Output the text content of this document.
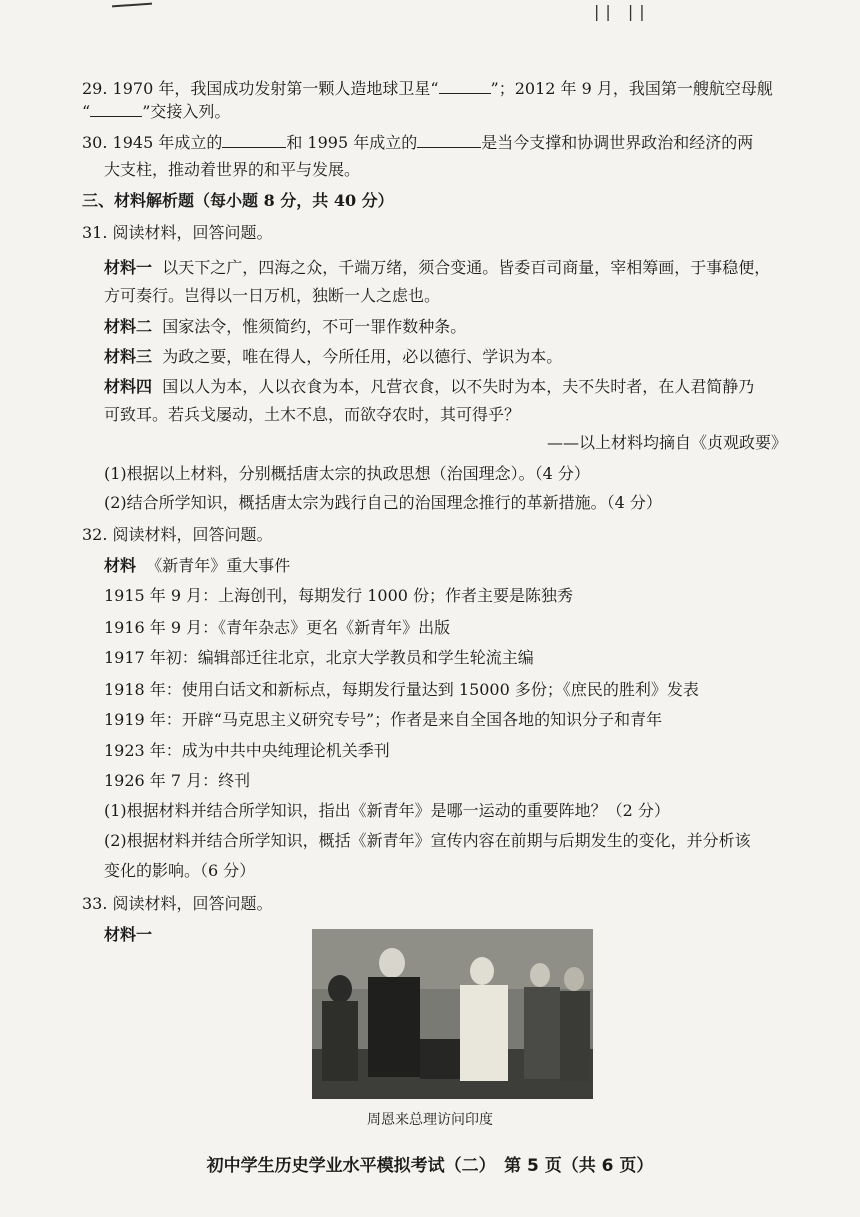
|| ||
29. 1970 年，我国成功发射第一颗人造地球卫星“	”；2012 年 9 月，我国第一艘航空母舰
“	”交接入列。
30. 1945 年成立的	和 1995 年成立的	是当今支撑和协调世界政治和经济的两
大支柱，推动着世界的和平与发展。
三、材料解析题（每小题 8 分，共 40 分）
31. 阅读材料，回答问题。
材料一 以天下之广，四海之众，千端万绪，须合变通。皆委百司商量，宰相筹画，于事稳便，
方可奏行。岂得以一日万机，独断一人之虑也。
材料二 国家法令，惟须简约，不可一罪作数种条。
材料三 为政之要，唯在得人，今所任用，必以德行、学识为本。
材料四 国以人为本，人以衣食为本，凡营衣食，以不失时为本，夫不失时者，在人君简静乃
可致耳。若兵戈屡动，土木不息，而欲夺农时，其可得乎？
——以上材料均摘自《贞观政要》
(1)根据以上材料，分别概括唐太宗的执政思想（治国理念）。（4 分）
(2)结合所学知识，概括唐太宗为践行自己的治国理念推行的革新措施。（4 分）
32. 阅读材料，回答问题。
材料 《新青年》重大事件
1915 年 9 月：上海创刊，每期发行 1000 份；作者主要是陈独秀
1916 年 9 月：《青年杂志》更名《新青年》出版
1917 年初：编辑部迁往北京，北京大学教员和学生轮流主编
1918 年：使用白话文和新标点，每期发行量达到 15000 多份；《庶民的胜利》发表
1919 年：开辟“马克思主义研究专号”；作者是来自全国各地的知识分子和青年
1923 年：成为中共中央纯理论机关季刊
1926 年 7 月：终刊
(1)根据材料并结合所学知识，指出《新青年》是哪一运动的重要阵地？（2 分）
(2)根据材料并结合所学知识，概括《新青年》宣传内容在前期与后期发生的变化，并分析该
变化的影响。（6 分）
33. 阅读材料，回答问题。
材料一
周恩来总理访问印度
初中学生历史学业水平模拟考试（二）　第 5 页（共 6 页）
